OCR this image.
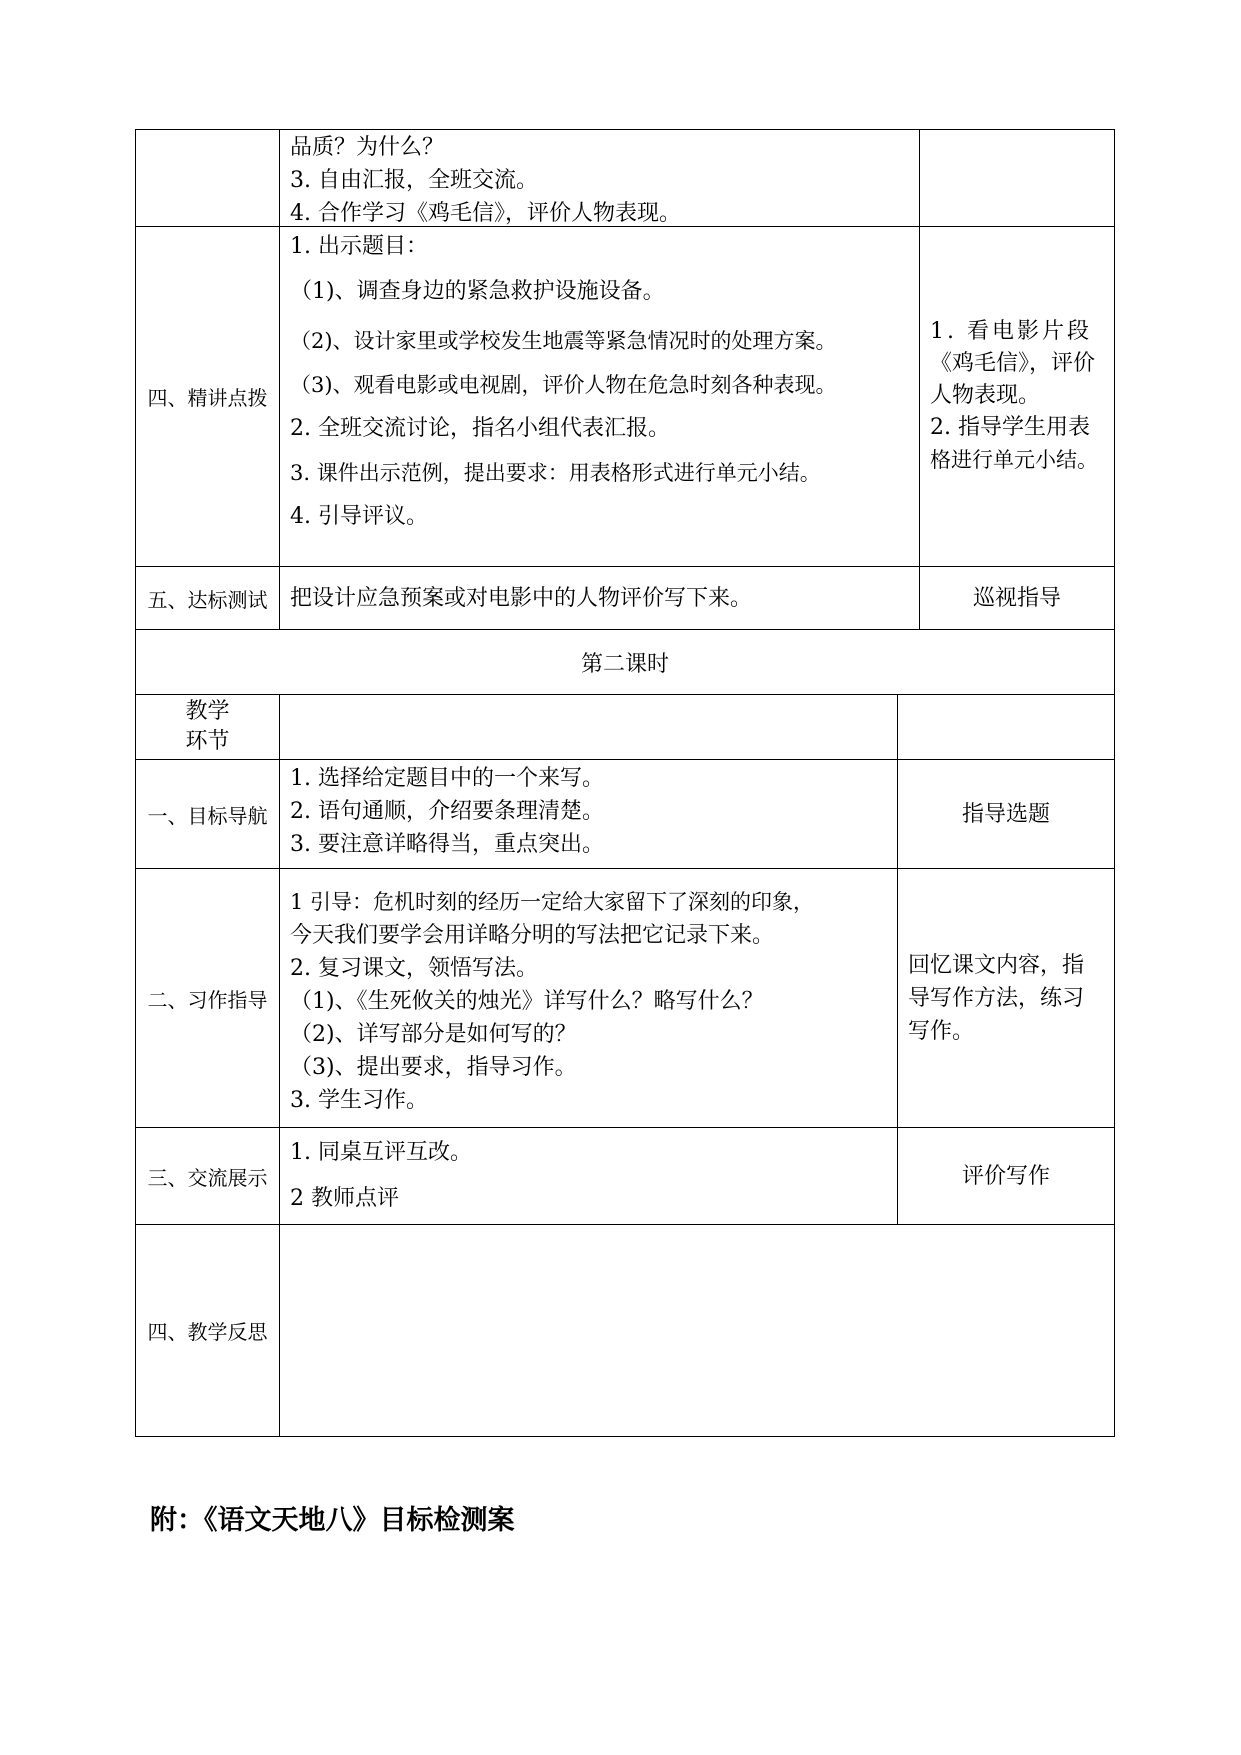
品质？为什么？
3. 自由汇报，全班交流。
4. 合作学习《鸡毛信》，评价人物表现。
四、精讲点拨
1. 出示题目：
（1)、调查身边的紧急救护设施设备。
（2)、设计家里或学校发生地震等紧急情况时的处理方案。
（3)、观看电影或电视剧，评价人物在危急时刻各种表现。
2. 全班交流讨论，指名小组代表汇报。
3. 课件出示范例，提出要求：用表格形式进行单元小结。
4. 引导评议。
1. 看电影片段
《鸡毛信》，评价
人物表现。
2. 指导学生用表
格进行单元小结。
五、达标测试 把设计应急预案或对电影中的人物评价写下来。	巡视指导
第二课时
教学
环节
一、目标导航
1. 选择给定题目中的一个来写。
2. 语句通顺，介绍要条理清楚。
3. 要注意详略得当，重点突出。
指导选题
二、习作指导
1 引导：危机时刻的经历一定给大家留下了深刻的印象，
今天我们要学会用详略分明的写法把它记录下来。
2. 复习课文，领悟写法。
（1)、《生死攸关的烛光》详写什么？略写什么？
（2)、详写部分是如何写的？
（3)、提出要求，指导习作。
3. 学生习作。
回忆课文内容，指
导写作方法，练习
写作。
三、交流展示
1. 同桌互评互改。
2 教师点评
评价写作
四、教学反思
附：《语文天地八》目标检测案
